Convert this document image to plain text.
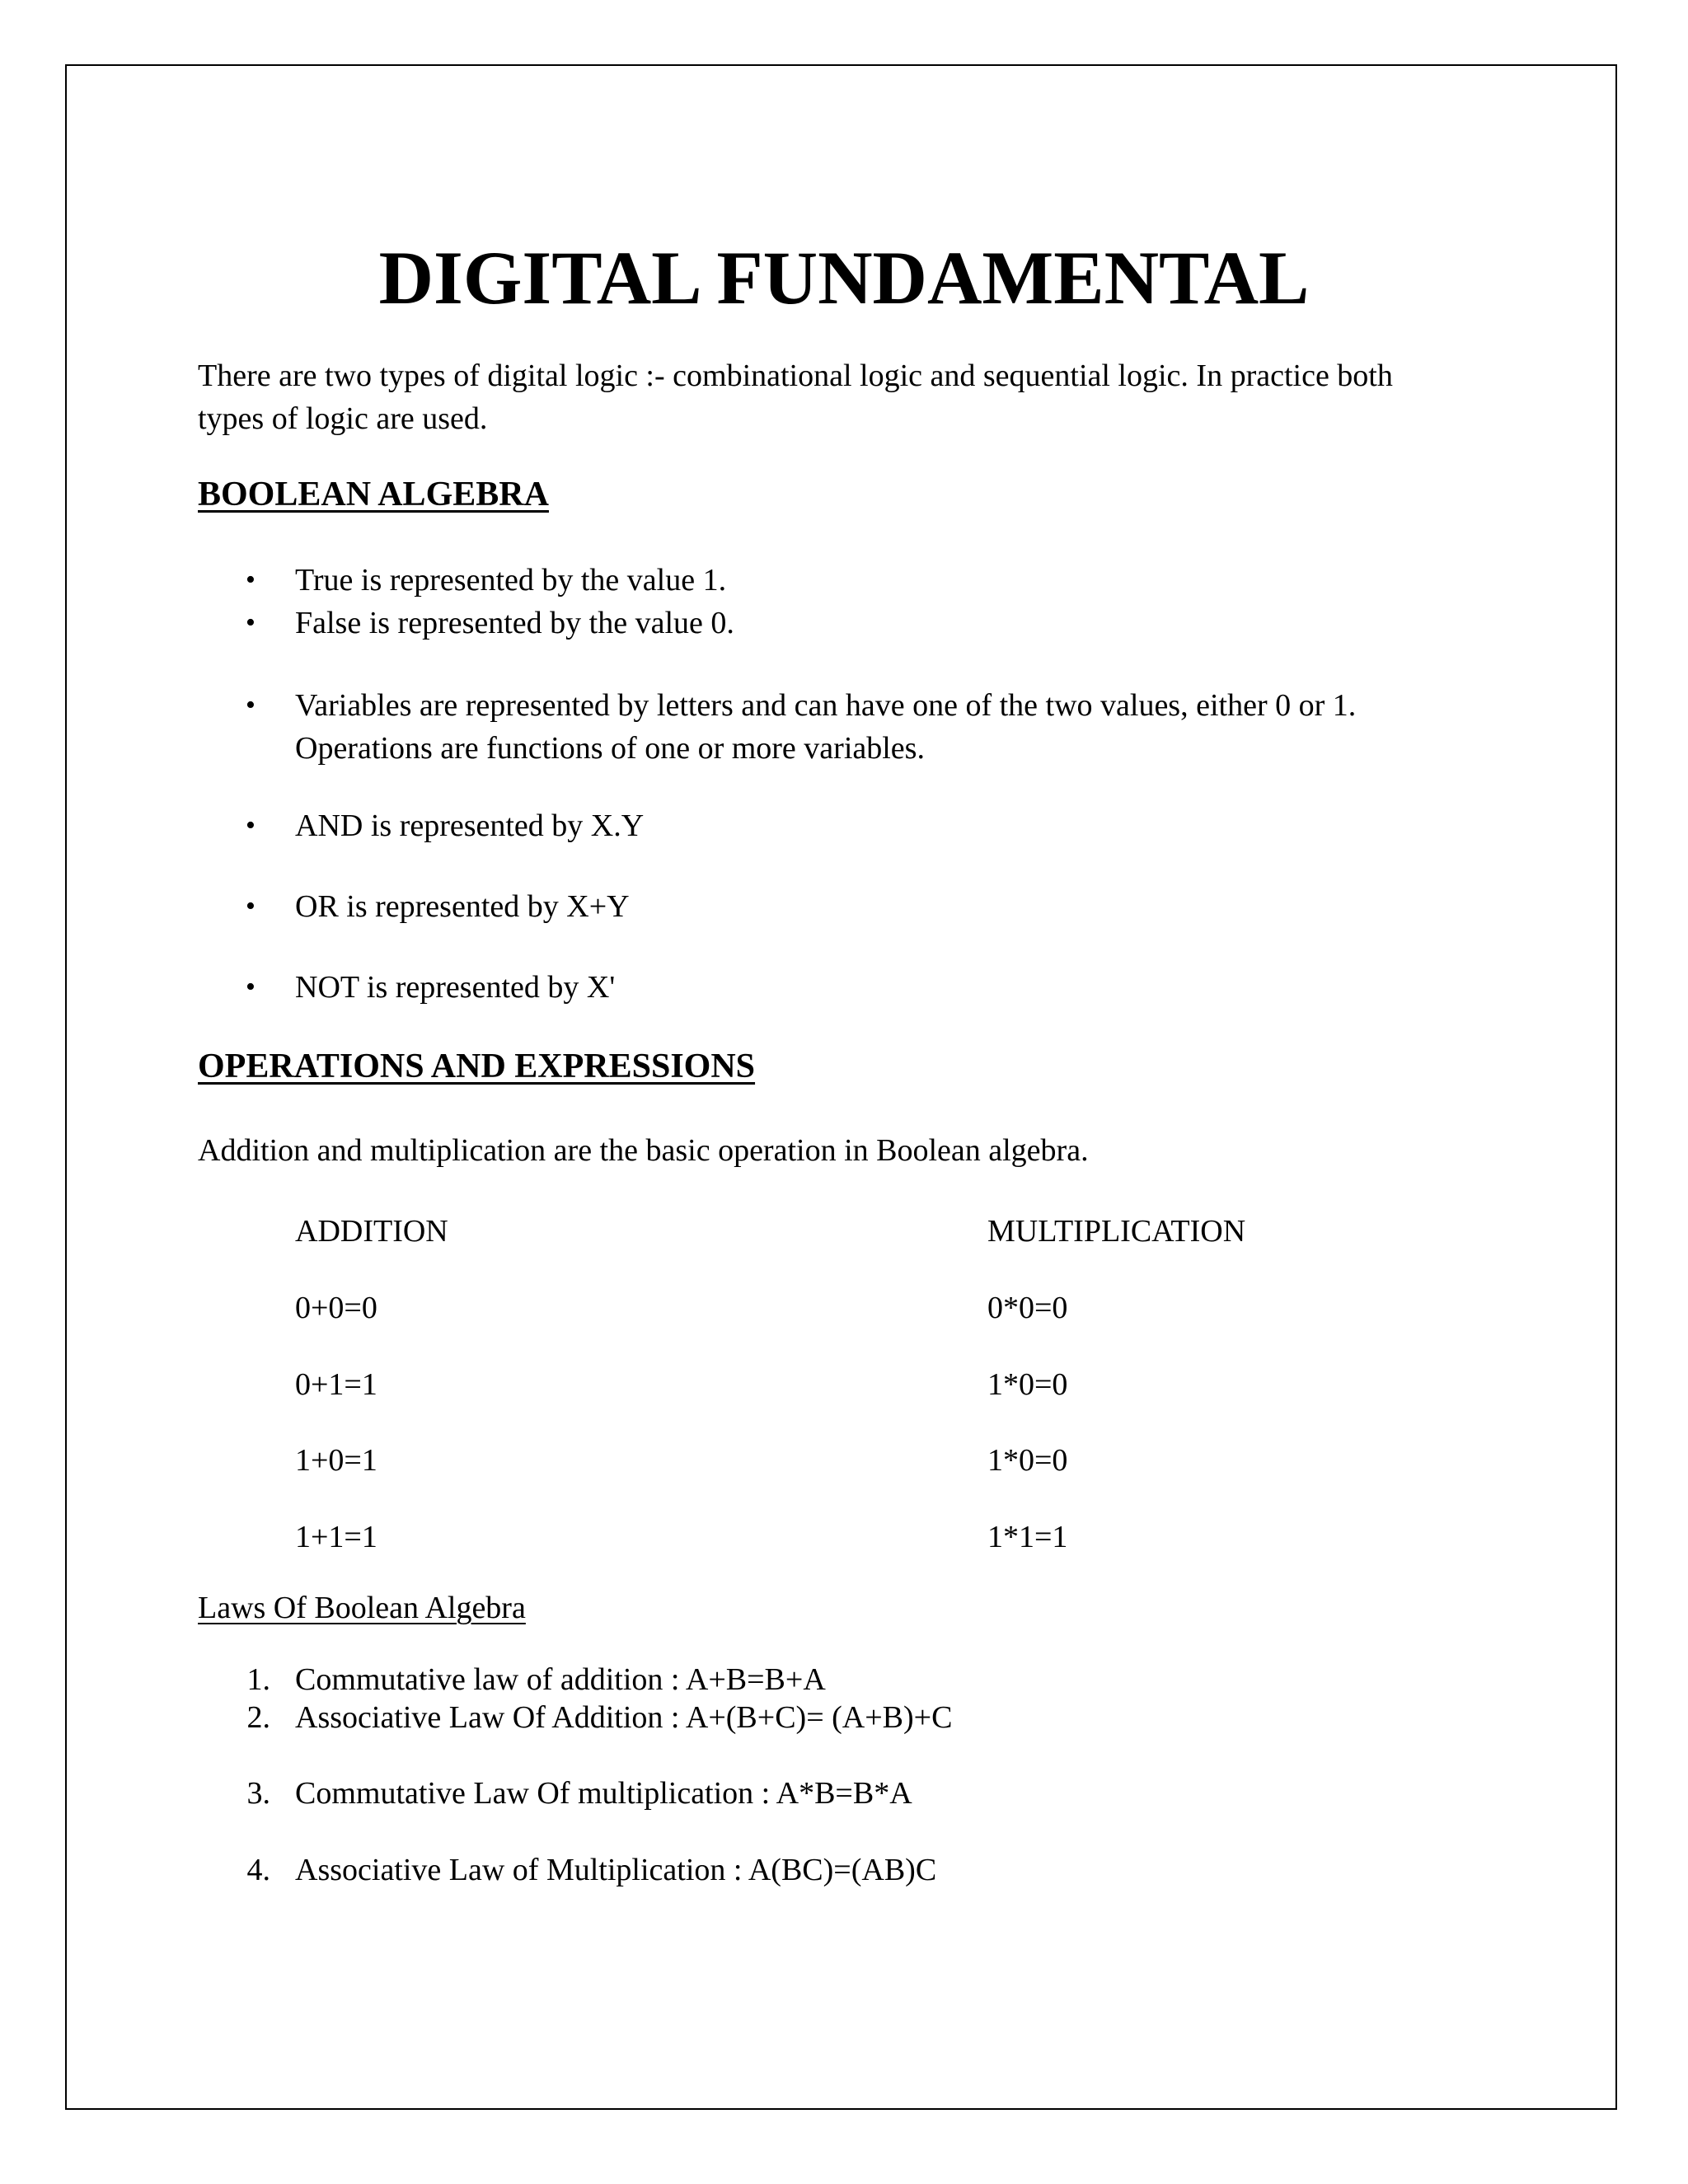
DIGITAL FUNDAMENTAL
There are two types of digital logic :- combinational logic and sequential logic. In practice both
types of logic are used.
BOOLEAN ALGEBRA
• True is represented by the value 1.
• False is represented by the value 0.
• Variables are represented by letters and can have one of the two values, either 0 or 1.
Operations are functions of one or more variables.
• AND is represented by X.Y
• OR is represented by X+Y
• NOT is represented by X'
OPERATIONS AND EXPRESSIONS
Addition and multiplication are the basic operation in Boolean algebra.
ADDITION	MULTIPLICATION
0+0=0	0*0=0
0+1=1	1*0=0
1+0=1	1*0=0
1+1=1	1*1=1
Laws Of Boolean Algebra
1. Commutative law of addition : A+B=B+A
2. Associative Law Of Addition : A+(B+C)= (A+B)+C
3. Commutative Law Of multiplication : A*B=B*A
4. Associative Law of Multiplication : A(BC)=(AB)C
